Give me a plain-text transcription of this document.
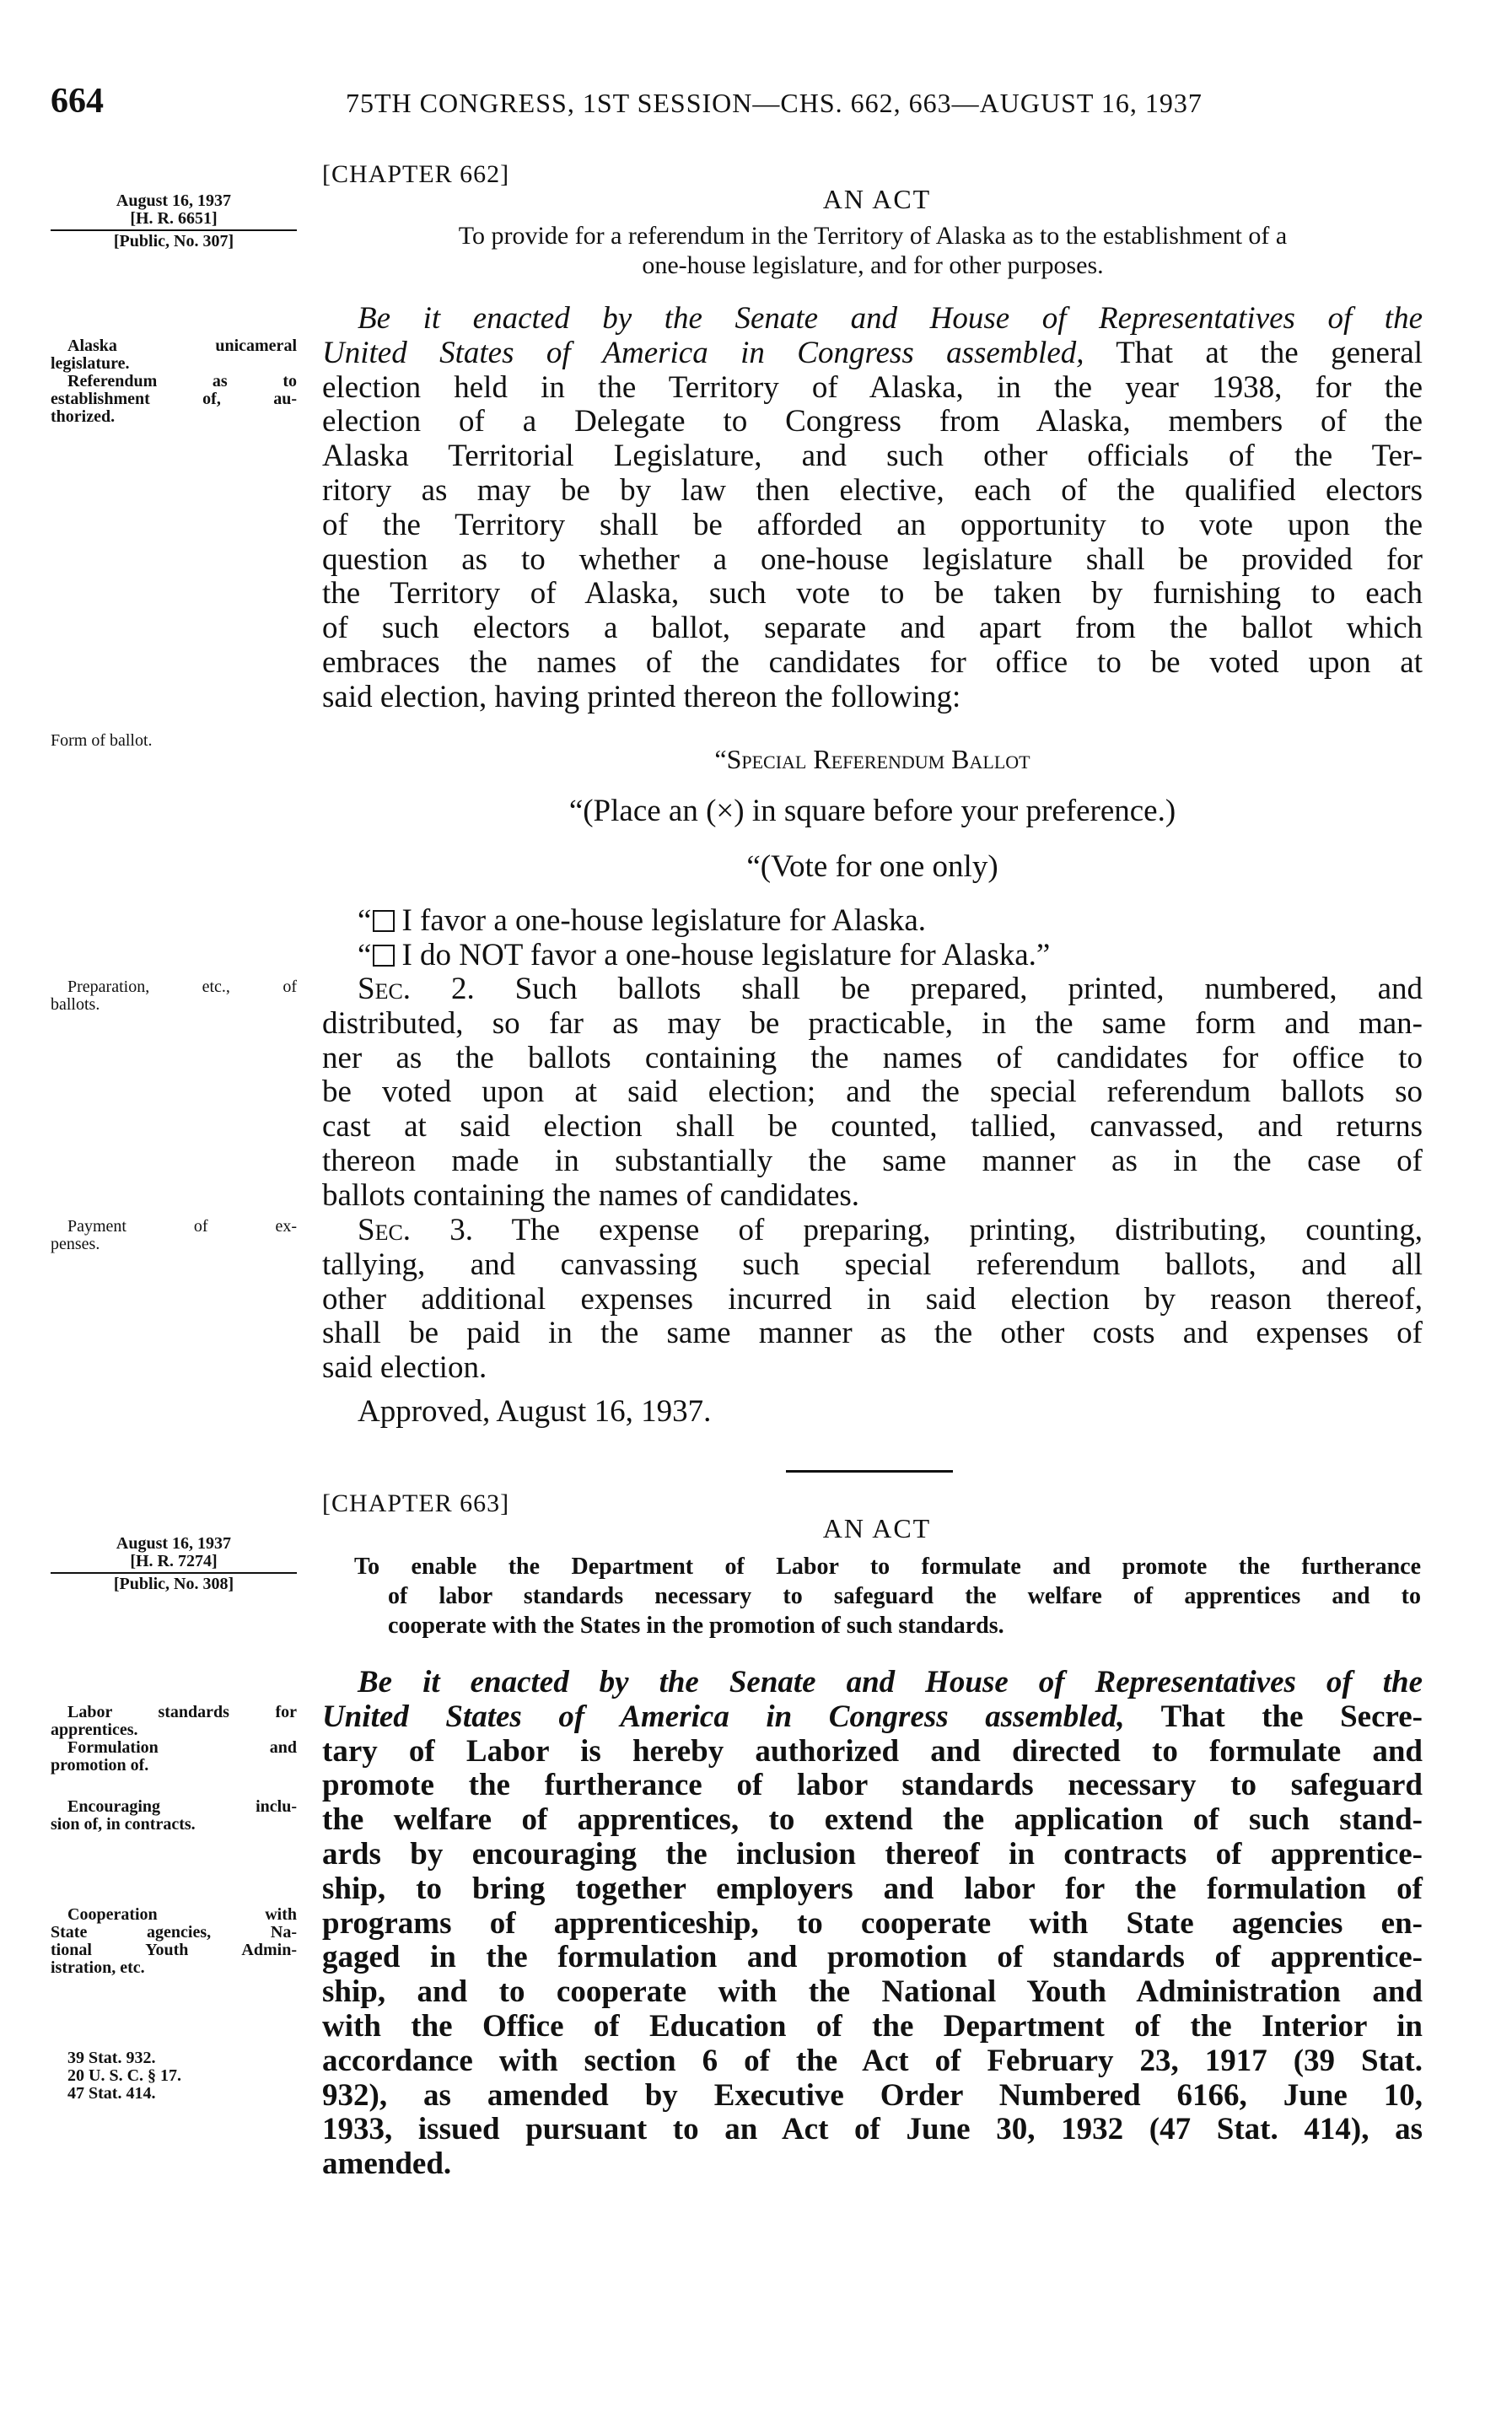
664	75TH CONGRESS, 1ST SESSION—CHS. 662, 663—AUGUST 16, 1937
[CHAPTER 662]
AN ACT
To provide for a referendum in the Territory of Alaska as to the establishment of a
one-house legislature, and for other purposes.
August 16, 1937
[H. R. 6651]
[Public, No. 307]
Alaska unicameral
legislature.
Referendum as to
establishment of, au-
thorized.
Be it enacted by the Senate and House of Representatives of the
United States of America in Congress assembled, That at the general
election held in the Territory of Alaska, in the year 1938, for the
election of a Delegate to Congress from Alaska, members of the
Alaska Territorial Legislature, and such other officials of the Ter-
ritory as may be by law then elective, each of the qualified electors
of the Territory shall be afforded an opportunity to vote upon the
question as to whether a one-house legislature shall be provided for
the Territory of Alaska, such vote to be taken by furnishing to each
of such electors a ballot, separate and apart from the ballot which
embraces the names of the candidates for office to be voted upon at
said election, having printed thereon the following:
Form of ballot.
“Special Referendum Ballot
“(Place an (×) in square before your preference.)
“(Vote for one only)
“ I favor a one-house legislature for Alaska.
“ I do NOT favor a one-house legislature for Alaska.”
Preparation, etc., of
ballots.	Sec. 2. Such ballots shall be prepared, printed, numbered, and
distributed, so far as may be practicable, in the same form and man-
ner as the ballots containing the names of candidates for office to
be voted upon at said election; and the special referendum ballots so
cast at said election shall be counted, tallied, canvassed, and returns
thereon made in substantially the same manner as in the case of
ballots containing the names of candidates.
Payment of ex-
penses.	Sec. 3. The expense of preparing, printing, distributing, counting,
tallying, and canvassing such special referendum ballots, and all
other additional expenses incurred in said election by reason thereof,
shall be paid in the same manner as the other costs and expenses of
said election.
Approved, August 16, 1937.
[CHAPTER 663]
AN ACT
To enable the Department of Labor to formulate and promote the furtherance
of labor standards necessary to safeguard the welfare of apprentices and to
cooperate with the States in the promotion of such standards.
August 16, 1937
[H. R. 7274]
[Public, No. 308]
Labor standards for
apprentices.
Formulation and
promotion of.
Encouraging inclu-
sion of, in contracts.
Cooperation with
State agencies, Na-
tional Youth Admin-
istration, etc.
39 Stat. 932.
20 U. S. C. § 17.
47 Stat. 414.
Be it enacted by the Senate and House of Representatives of the
United States of America in Congress assembled, That the Secre-
tary of Labor is hereby authorized and directed to formulate and
promote the furtherance of labor standards necessary to safeguard
the welfare of apprentices, to extend the application of such stand-
ards by encouraging the inclusion thereof in contracts of apprentice-
ship, to bring together employers and labor for the formulation of
programs of apprenticeship, to cooperate with State agencies en-
gaged in the formulation and promotion of standards of apprentice-
ship, and to cooperate with the National Youth Administration and
with the Office of Education of the Department of the Interior in
accordance with section 6 of the Act of February 23, 1917 (39 Stat.
932), as amended by Executive Order Numbered 6166, June 10,
1933, issued pursuant to an Act of June 30, 1932 (47 Stat. 414), as
amended.
